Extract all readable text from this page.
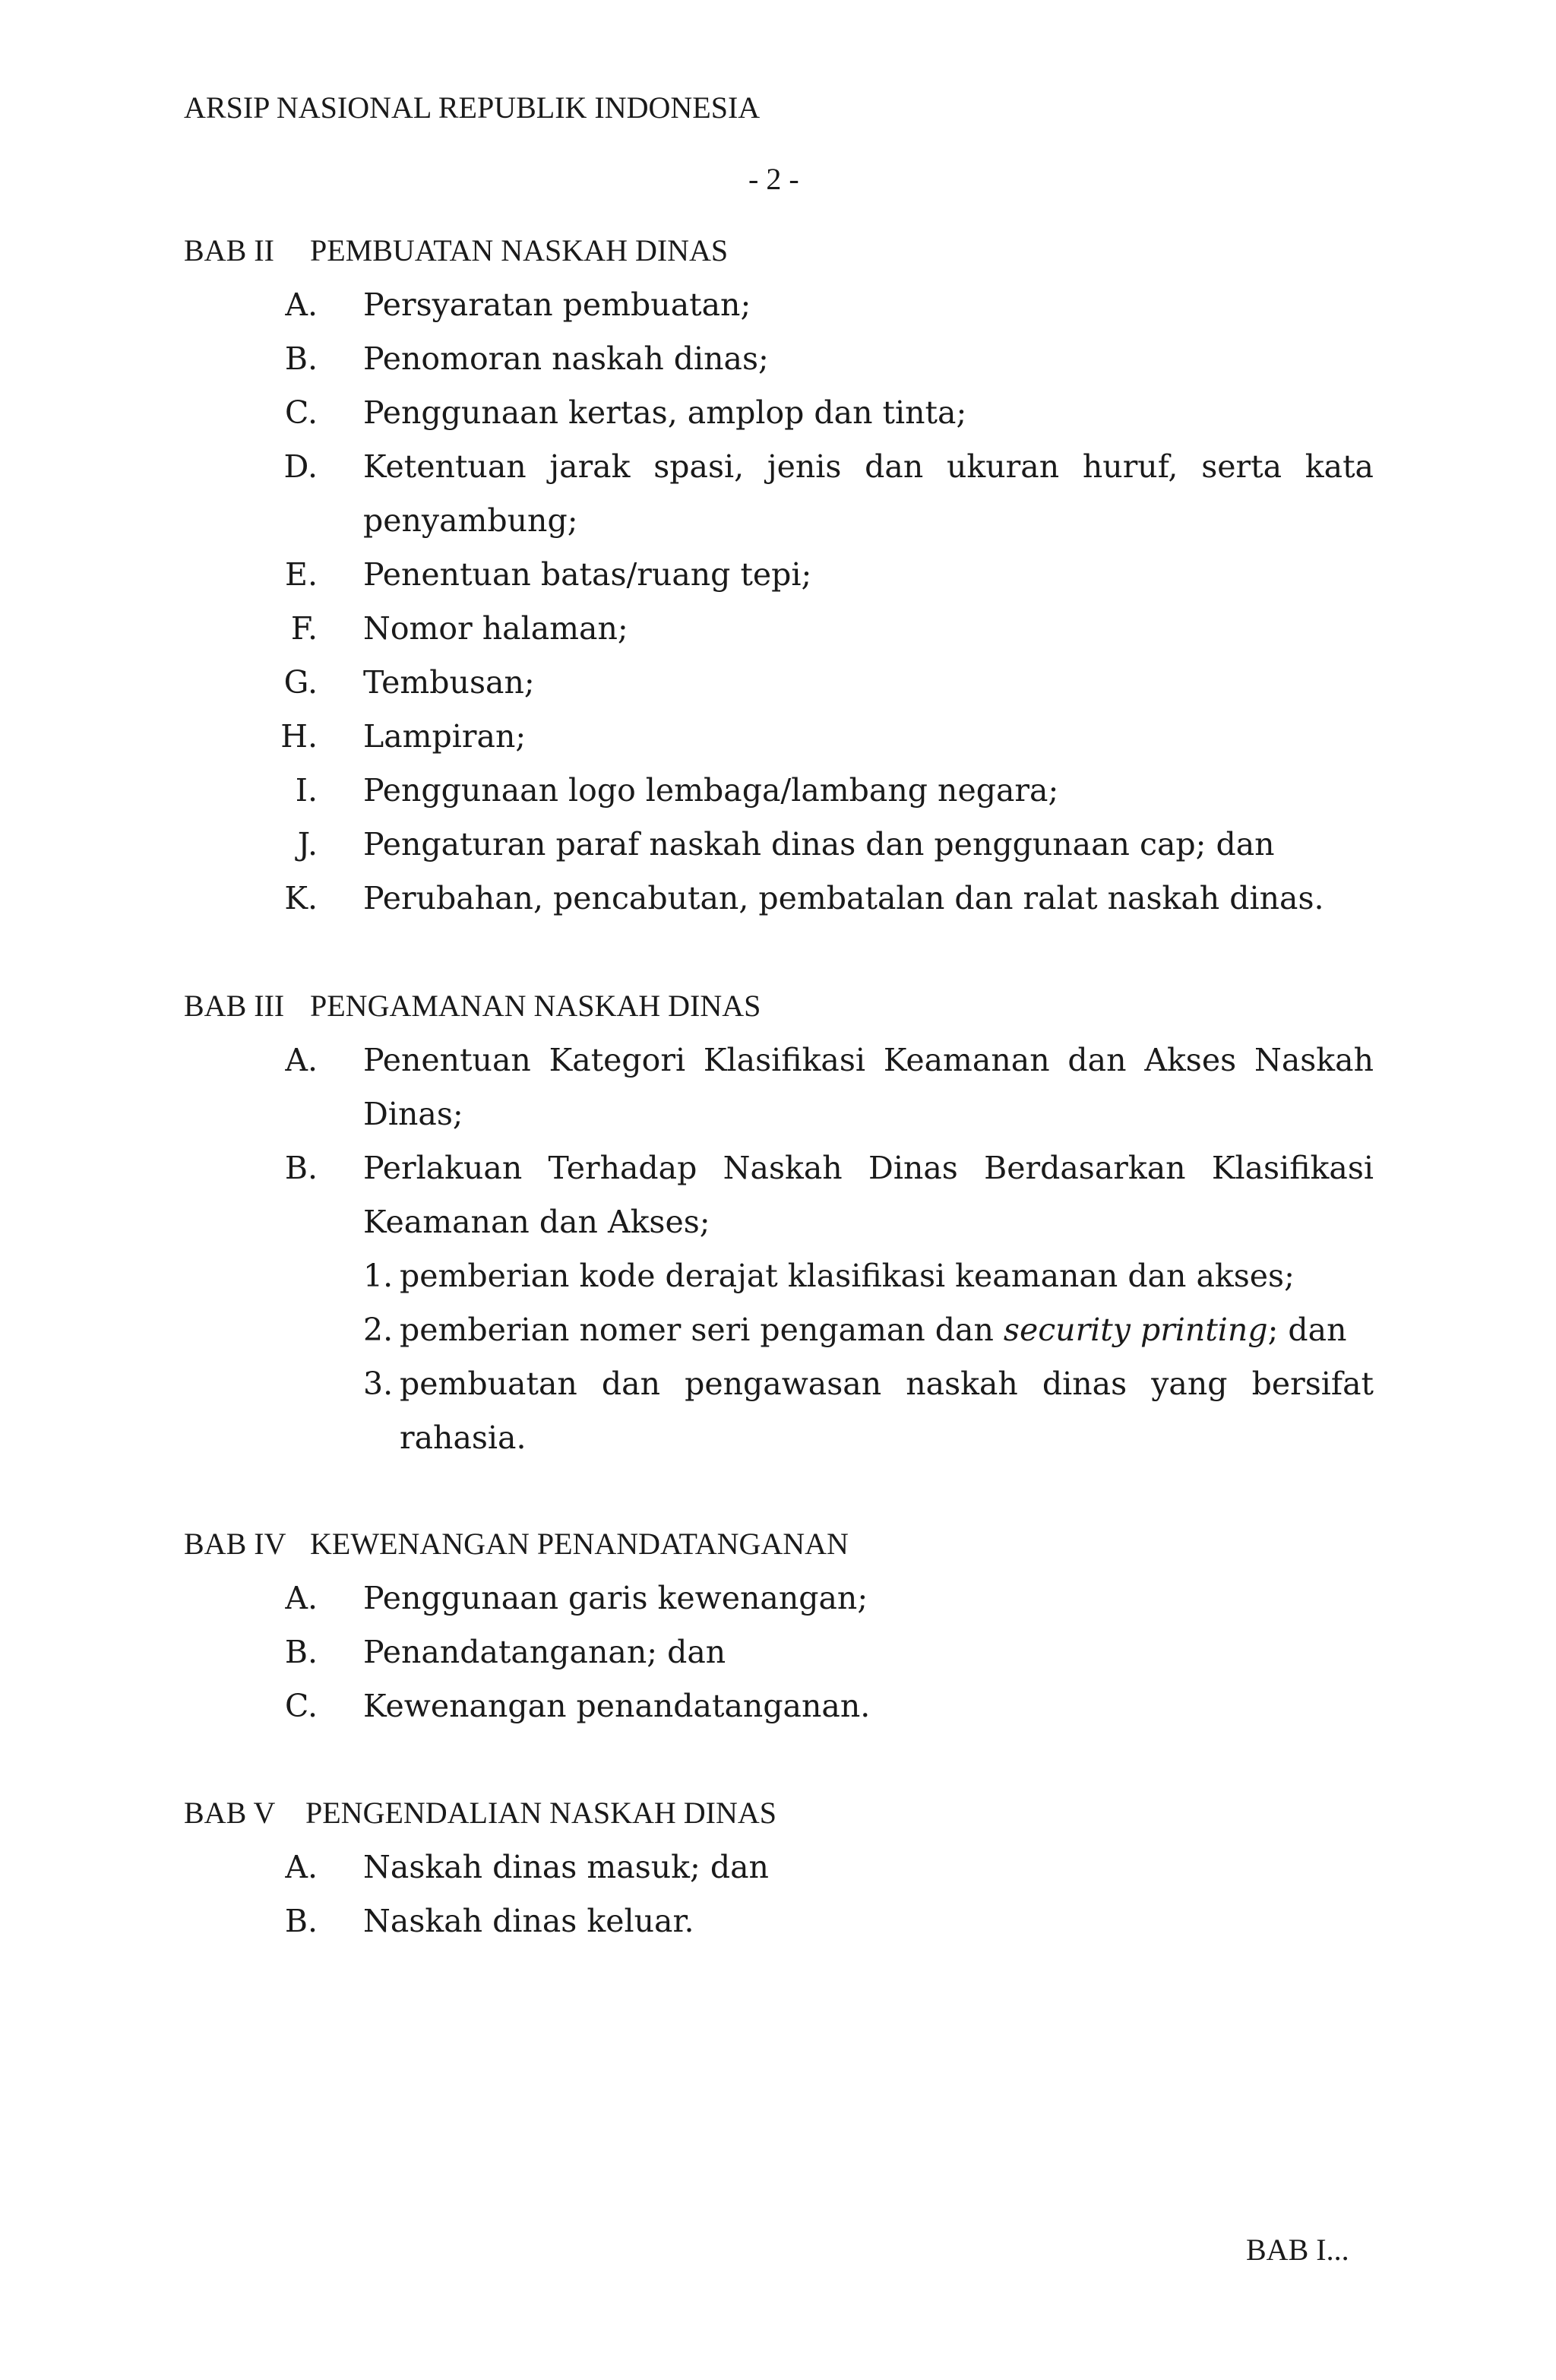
ARSIP NASIONAL REPUBLIK INDONESIA
- 2 -
BAB II PEMBUATAN NASKAH DINAS
A. Persyaratan pembuatan;
B. Penomoran naskah dinas;
C. Penggunaan kertas, amplop dan tinta;
D. Ketentuan jarak spasi, jenis dan ukuran huruf, serta kata
penyambung;
E. Penentuan batas/ruang tepi;
F. Nomor halaman;
G. Tembusan;
H. Lampiran;
I. Penggunaan logo lembaga/lambang negara;
J. Pengaturan paraf naskah dinas dan penggunaan cap; dan
K. Perubahan, pencabutan, pembatalan dan ralat naskah dinas.
BAB III PENGAMANAN NASKAH DINAS
A. Penentuan Kategori Klasifikasi Keamanan dan Akses Naskah
Dinas;
B. Perlakuan Terhadap Naskah Dinas Berdasarkan Klasifikasi
Keamanan dan Akses;
1. pemberian kode derajat klasifikasi keamanan dan akses;
2. pemberian nomer seri pengaman dan security printing; dan
3. pembuatan dan pengawasan naskah dinas yang bersifat
rahasia.
BAB IV KEWENANGAN PENANDATANGANAN
A. Penggunaan garis kewenangan;
B. Penandatanganan; dan
C. Kewenangan penandatanganan.
BAB V PENGENDALIAN NASKAH DINAS
A. Naskah dinas masuk; dan
B. Naskah dinas keluar.
BAB I...
